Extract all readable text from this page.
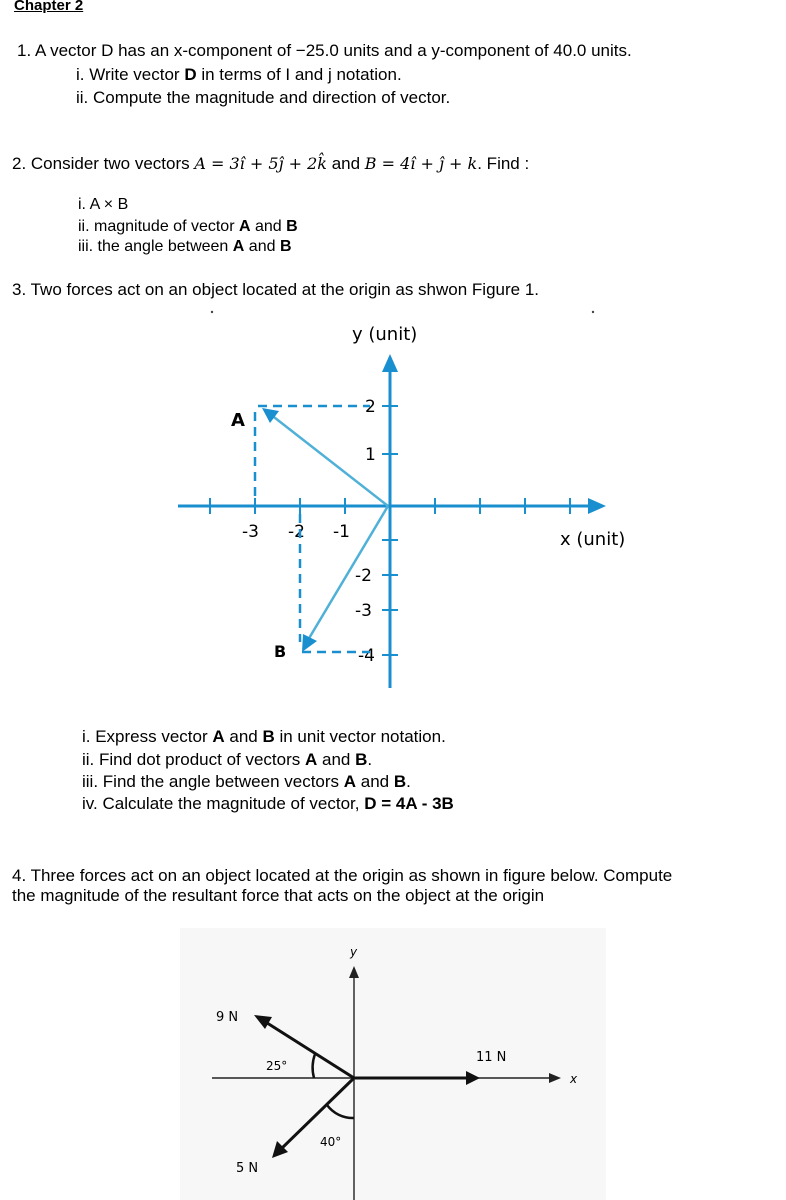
Chapter 2
1. A vector D has an x-component of −25.0 units and a y-component of 40.0 units.
i. Write vector D in terms of I and j notation.
ii. Compute the magnitude and direction of vector.
2. Consider two vectors A = 3î + 5ĵ + 2k̂ and B = 4î + ĵ + k. Find :
i. A × B
ii. magnitude of vector A and B
iii. the angle between A and B
3. Two forces act on an object located at the origin as shwon Figure 1.
y (unit)
x (unit)
-3 -2 -1
2
1
-2
-3
-4
A
B
i. Express vector A and B in unit vector notation.
ii. Find dot product of vectors A and B.
iii. Find the angle between vectors A and B.
iv. Calculate the magnitude of vector, D = 4A - 3B
4. Three forces act on an object located at the origin as shown in figure below. Compute
the magnitude of the resultant force that acts on the object at the origin
y
x
11 N
9 N
5 N
25°
40°
